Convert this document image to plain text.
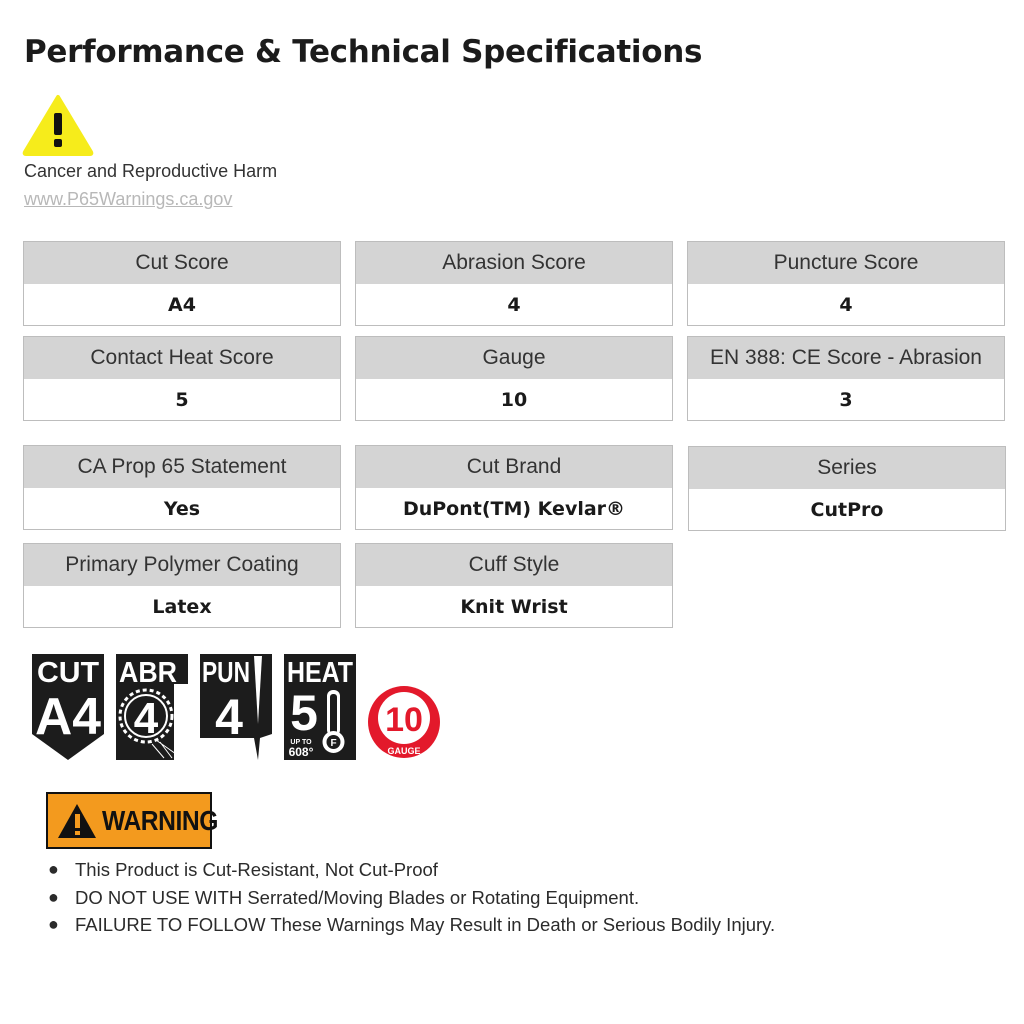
Performance & Technical Specifications
Cancer and Reproductive Harm
www.P65Warnings.ca.gov
Cut Score
A4
Abrasion Score
4
Puncture Score
4
Contact Heat Score
5
Gauge
10
EN 388: CE Score - Abrasion
3
CA Prop 65 Statement
Yes
Cut Brand
DuPont(TM) Kevlar®
Series
CutPro
Primary Polymer Coating
Latex
Cuff Style
Knit Wrist
CUT
A4
ABR
4
PUN
4
HEAT
5
F
UP TO
608°
10
GAUGE
WARNING
● This Product is Cut-Resistant, Not Cut-Proof
● DO NOT USE WITH Serrated/Moving Blades or Rotating Equipment.
● FAILURE TO FOLLOW These Warnings May Result in Death or Serious Bodily Injury.
